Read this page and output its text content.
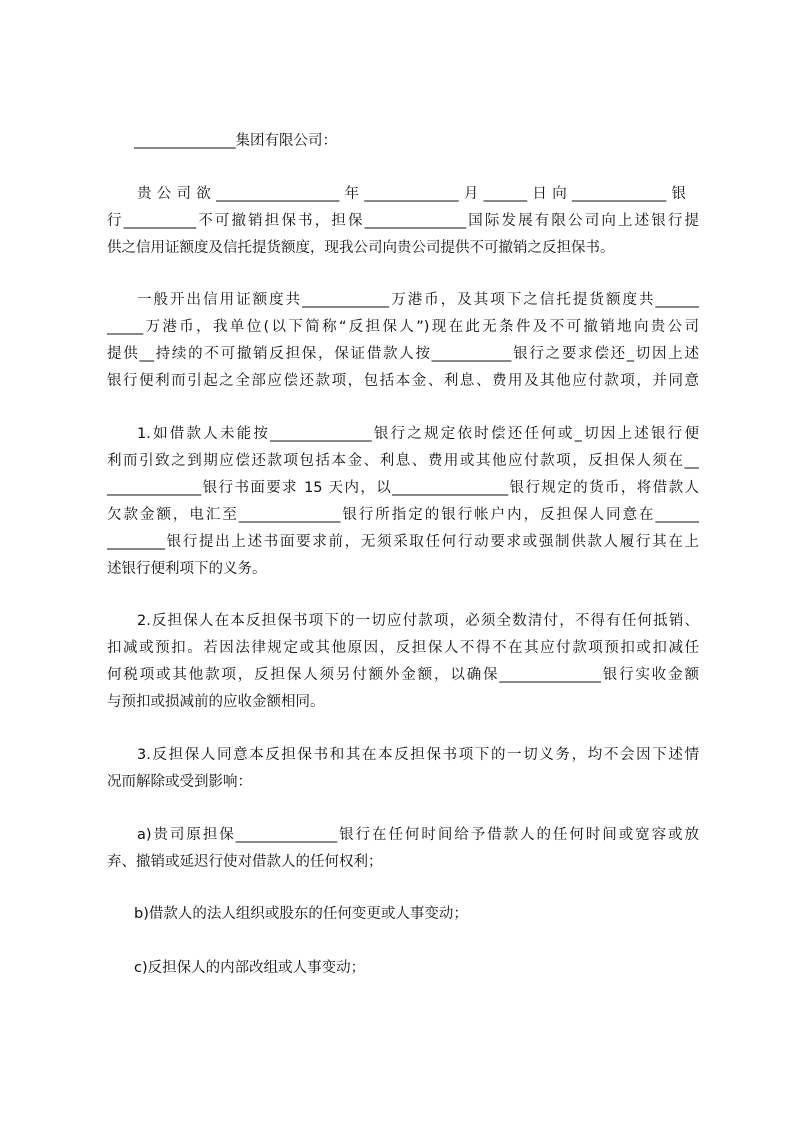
______________集团有限公司：
贵公司欲_________________年_____________月______日向_____________银
行__________不可撤销担保书，担保______________国际发展有限公司向上述银行提
供之信用证额度及信托提货额度，现我公司向贵公司提供不可撤销之反担保书。
一般开出信用证额度共____________万港币，及其项下之信托提货额度共______
_____万港币，我单位(以下简称“反担保人”)现在此无条件及不可撤销地向贵公司
提供__持续的不可撤销反担保，保证借款人按___________银行之要求偿还_切因上述
银行便利而引起之全部应偿还款项，包括本金、利息、费用及其他应付款项，并同意
1.如借款人未能按______________银行之规定依时偿还任何或_切因上述银行便
利而引致之到期应偿还款项包括本金、利息、费用或其他应付款项，反担保人须在__
_____________银行书面要求 15 天内，以________________银行规定的货币，将借款人
欠款金额，电汇至______________银行所指定的银行帐户内，反担保人同意在______
________银行提出上述书面要求前，无须采取任何行动要求或强制供款人履行其在上
述银行便利项下的义务。
2.反担保人在本反担保书项下的一切应付款项，必须全数清付，不得有任何抵销、
扣减或预扣。若因法律规定或其他原因，反担保人不得不在其应付款项预扣或扣减任
何税项或其他款项，反担保人须另付额外金额，以确保______________银行实收金额
与预扣或损减前的应收金额相同。
3.反担保人同意本反担保书和其在本反担保书项下的一切义务，均不会因下述情
况而解除或受到影响：
a)贵司原担保______________银行在任何时间给予借款人的任何时间或宽容或放
弃、撤销或延迟行使对借款人的任何权利；
b)借款人的法人组织或股东的任何变更或人事变动；
c)反担保人的内部改组或人事变动；
